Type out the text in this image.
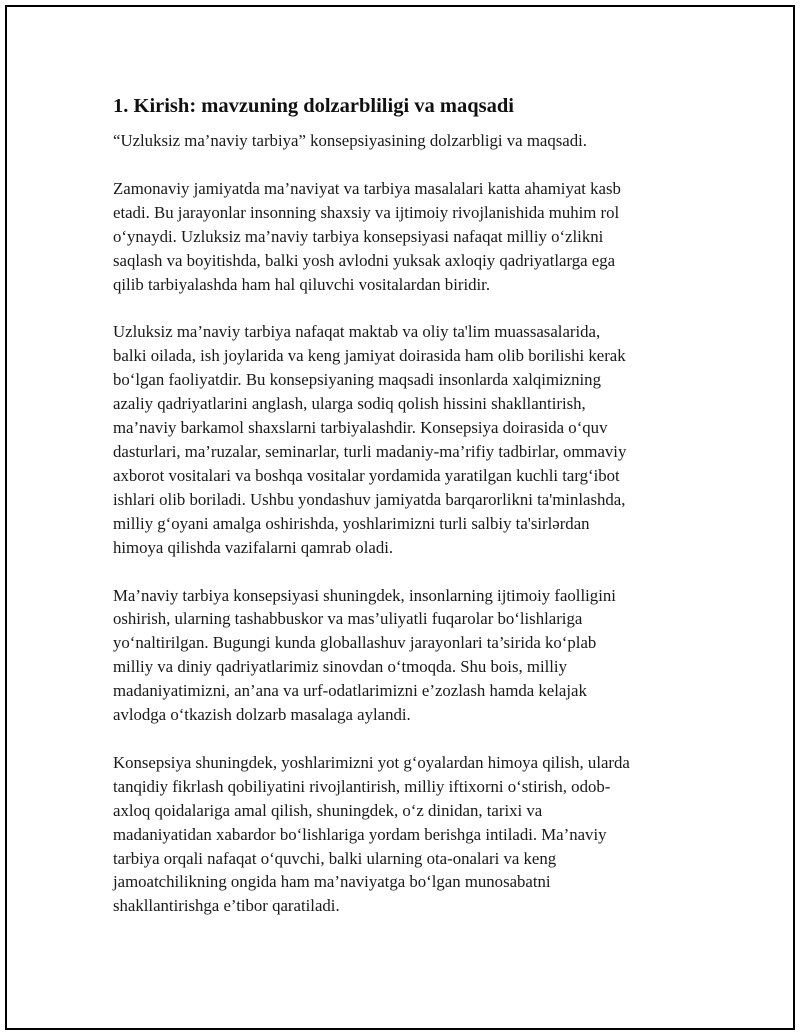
1. Kirish: mavzuning dolzarbliligi va maqsadi

“Uzluksiz ma’naviy tarbiya” konsepsiyasining dolzarbligi va maqsadi.

Zamonaviy jamiyatda ma’naviyat va tarbiya masalalari katta ahamiyat kasb
etadi. Bu jarayonlar insonning shaxsiy va ijtimoiy rivojlanishida muhim rol
o‘ynaydi. Uzluksiz ma’naviy tarbiya konsepsiyasi nafaqat milliy o‘zlikni
saqlash va boyitishda, balki yosh avlodni yuksak axloqiy qadriyatlarga ega
qilib tarbiyalashda ham hal qiluvchi vositalardan biridir.

Uzluksiz ma’naviy tarbiya nafaqat maktab va oliy ta'lim muassasalarida,
balki oilada, ish joylarida va keng jamiyat doirasida ham olib borilishi kerak
bo‘lgan faoliyatdir. Bu konsepsiyaning maqsadi insonlarda xalqimizning
azaliy qadriyatlarini anglash, ularga sodiq qolish hissini shakllantirish,
ma’naviy barkamol shaxslarni tarbiyalashdir. Konsepsiya doirasida o‘quv
dasturlari, ma’ruzalar, seminarlar, turli madaniy-ma’rifiy tadbirlar, ommaviy
axborot vositalari va boshqa vositalar yordamida yaratilgan kuchli targ‘ibot
ishlari olib boriladi. Ushbu yondashuv jamiyatda barqarorlikni ta'minlashda,
milliy g‘oyani amalga oshirishda, yoshlarimizni turli salbiy ta'sirlərdan
himoya qilishda vazifalarni qamrab oladi.

Ma’naviy tarbiya konsepsiyasi shuningdek, insonlarning ijtimoiy faolligini
oshirish, ularning tashabbuskor va mas’uliyatli fuqarolar bo‘lishlariga
yo‘naltirilgan. Bugungi kunda globallashuv jarayonlari ta’sirida ko‘plab
milliy va diniy qadriyatlarimiz sinovdan o‘tmoqda. Shu bois, milliy
madaniyatimizni, an’ana va urf-odatlarimizni e’zozlash hamda kelajak
avlodga o‘tkazish dolzarb masalaga aylandi.

Konsepsiya shuningdek, yoshlarimizni yot g‘oyalardan himoya qilish, ularda
tanqidiy fikrlash qobiliyatini rivojlantirish, milliy iftixorni o‘stirish, odob-
axloq qoidalariga amal qilish, shuningdek, o‘z dinidan, tarixi va
madaniyatidan xabardor bo‘lishlariga yordam berishga intiladi. Ma’naviy
tarbiya orqali nafaqat o‘quvchi, balki ularning ota-onalari va keng
jamoatchilikning ongida ham ma’naviyatga bo‘lgan munosabatni
shakllantirishga e’tibor qaratiladi.
